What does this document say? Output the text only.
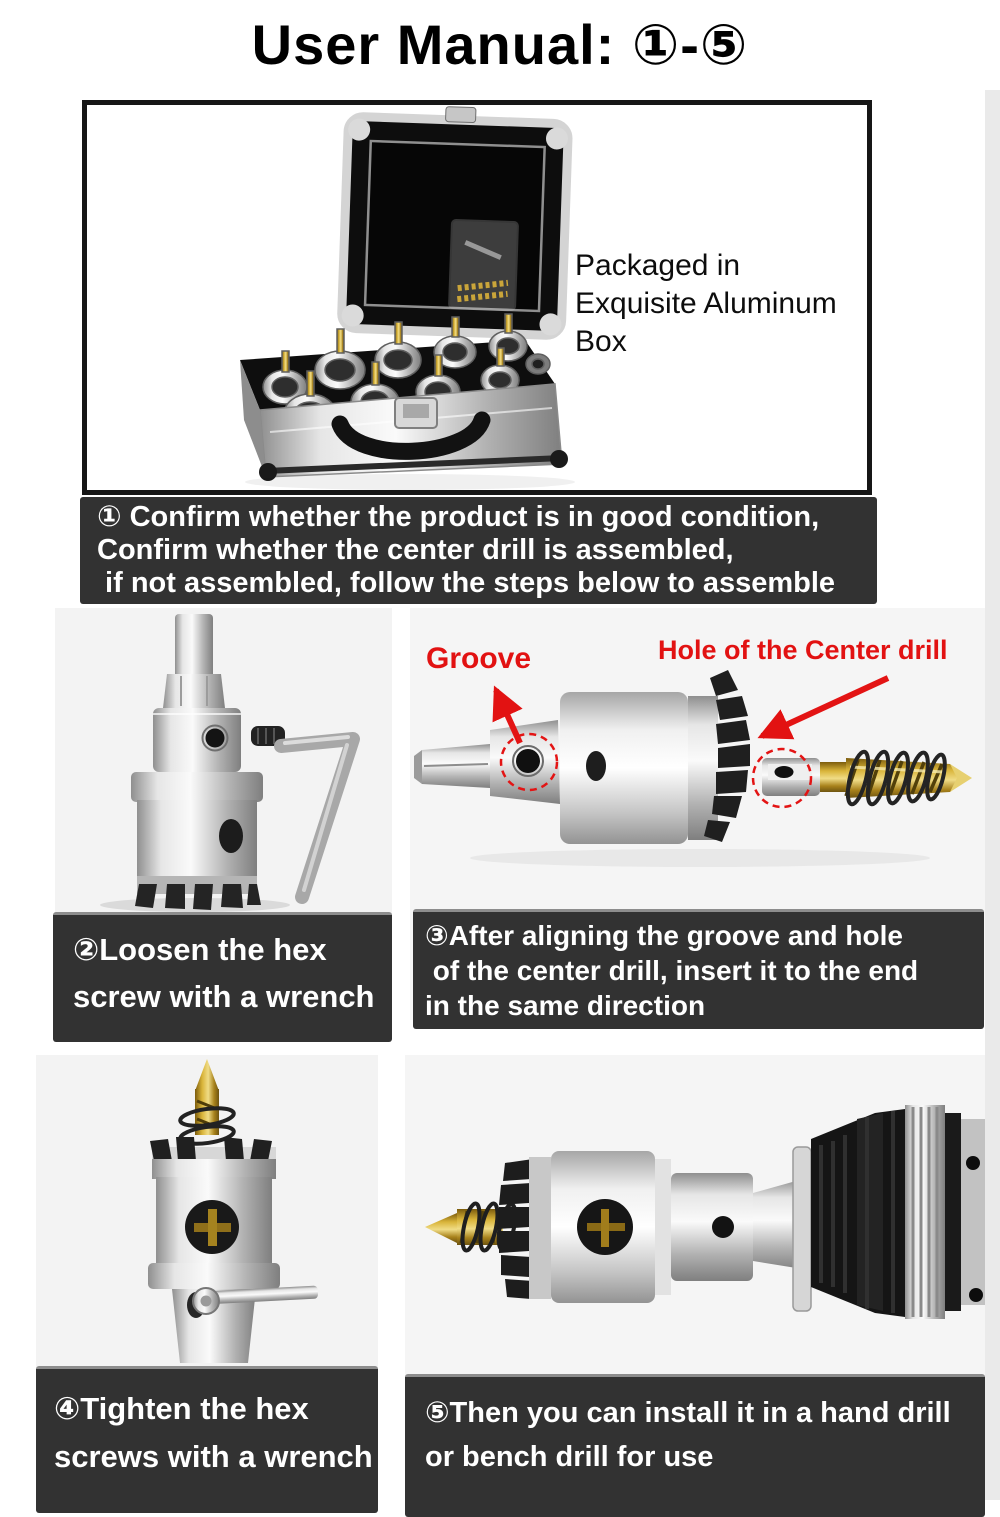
User Manual: ①-⑤
Packaged in
Exquisite Aluminum
Box
① Confirm whether the product is in good condition,
Confirm whether the center drill is assembled,
if not assembled, follow the steps below to assemble
②Loosen the hex
screw with a wrench
Groove	Hole of the Center drill
③After aligning the groove and hole
of the center drill, insert it to the end
in the same direction
④Tighten the hex
screws with a wrench
⑤Then you can install it in a hand drill
or bench drill for use
